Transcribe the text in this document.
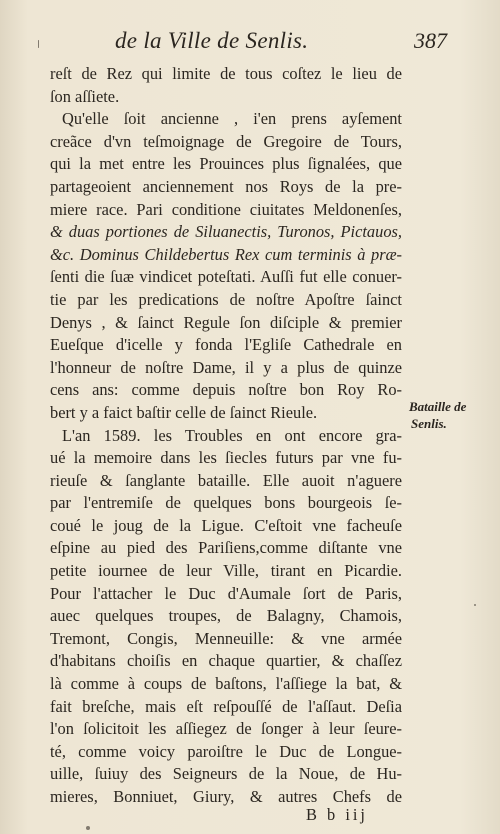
de la Ville de Senlis.	387
reſt de Rez qui limite de tous coſtez le lieu de
ſon aſſiete.
Qu'elle ſoit ancienne , i'en prens ayſement
creãce d'vn teſmoignage de Gregoire de Tours,
qui la met entre les Prouinces plus ſignalées, que
partageoient anciennement nos Roys de la pre-
miere race. Pari conditione ciuitates Meldonenſes,
& duas portiones de Siluanectis, Turonos, Pictauos,
&c. Dominus Childebertus Rex cum terminis à præ-
ſenti die ſuæ vindicet poteſtati. Auſſi fut elle conuer-
tie par les predications de noſtre Apoſtre ſainct
Denys , & ſainct Regule ſon diſciple & premier
Eueſque d'icelle y fonda l'Egliſe Cathedrale en
l'honneur de noſtre Dame, il y a plus de quinze
cens ans: comme depuis noſtre bon Roy Ro-
bert y a faict baſtir celle de ſainct Rieule.
L'an 1589. les Troubles en ont encore gra-
ué la memoire dans les ſiecles futurs par vne fu-
rieuſe & ſanglante bataille. Elle auoit n'aguere
par l'entremiſe de quelques bons bourgeois ſe-
coué le joug de la Ligue. C'eſtoit vne facheuſe
eſpine au pied des Pariſiens,comme diſtante vne
petite iournee de leur Ville, tirant en Picardie.
Pour l'attacher le Duc d'Aumale ſort de Paris,
auec quelques troupes, de Balagny, Chamois,
Tremont, Congis, Menneuille: & vne armée
d'habitans choiſis en chaque quartier, & chaſſez
là comme à coups de baſtons, l'aſſiege la bat, &
fait breſche, mais eſt reſpouſſé de l'aſſaut. Deſia
l'on ſolicitoit les aſſiegez de ſonger à leur ſeure-
té, comme voicy paroiſtre le Duc de Longue-
uille, ſuiuy des Seigneurs de la Noue, de Hu-
mieres, Bonniuet, Giury, & autres Chefs de
Bataille de
Senlis.
B b iij
